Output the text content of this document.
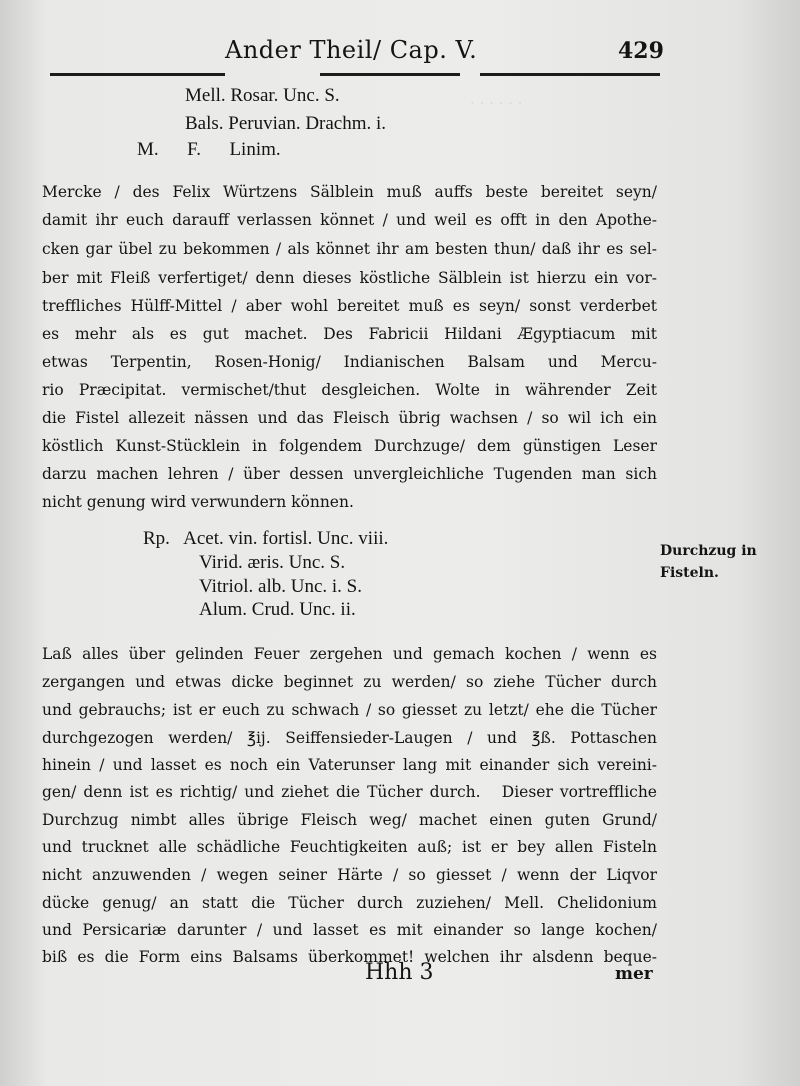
. . . . . .
Ander Theil/ Cap. V.	429
Mell. Rosar. Unc. S.
Bals. Peruvian. Drachm. i.
M.      F.      Linim.
Mercke / des Felix Würtzens Sälblein muß auffs beste bereitet seyn/
damit ihr euch darauff verlassen könnet / und weil es offt in den Apothe-
cken gar übel zu bekommen / als könnet ihr am besten thun/ daß ihr es sel-
ber mit Fleiß verfertiget/ denn dieses köstliche Sälblein ist hierzu ein vor-
treffliches Hülff-Mittel / aber wohl bereitet muß es seyn/ sonst verderbet
es mehr als es gut machet. Des Fabricii Hildani Ægyptiacum mit
etwas Terpentin, Rosen-Honig/ Indianischen Balsam und Mercu-
rio Præcipitat. vermischet/thut desgleichen. Wolte in währender Zeit
die Fistel allezeit nässen und das Fleisch übrig wachsen / so wil ich ein
köstlich Kunst-Stücklein in folgendem Durchzuge/ dem günstigen Leser
darzu machen lehren / über dessen unvergleichliche Tugenden man sich
nicht genung wird verwundern können.
Rp.   Acet. vin. fortisl. Unc. viii.
Virid. æris. Unc. S.
Vitriol. alb. Unc. i. S.
Alum. Crud. Unc. ii.
Durchzug in
Fisteln.
Laß alles über gelinden Feuer zergehen und gemach kochen / wenn es
zergangen und etwas dicke beginnet zu werden/ so ziehe Tücher durch
und gebrauchs; ist er euch zu schwach / so giesset zu letzt/ ehe die Tücher
durchgezogen werden/ ℥ij. Seiffensieder-Laugen / und ℥ß. Pottaschen
hinein / und lasset es noch ein Vaterunser lang mit einander sich vereini-
gen/ denn ist es richtig/ und ziehet die Tücher durch.   Dieser vortreffliche
Durchzug nimbt alles übrige Fleisch weg/ machet einen guten Grund/
und trucknet alle schädliche Feuchtigkeiten auß; ist er bey allen Fisteln
nicht anzuwenden / wegen seiner Härte / so giesset / wenn der Liqvor
dücke genug/ an statt die Tücher durch zuziehen/ Mell. Chelidonium
und Persicariæ darunter / und lasset es mit einander so lange kochen/
biß es die Form eins Balsams überkommet! welchen ihr alsdenn beque-
Hhh 3	mer
